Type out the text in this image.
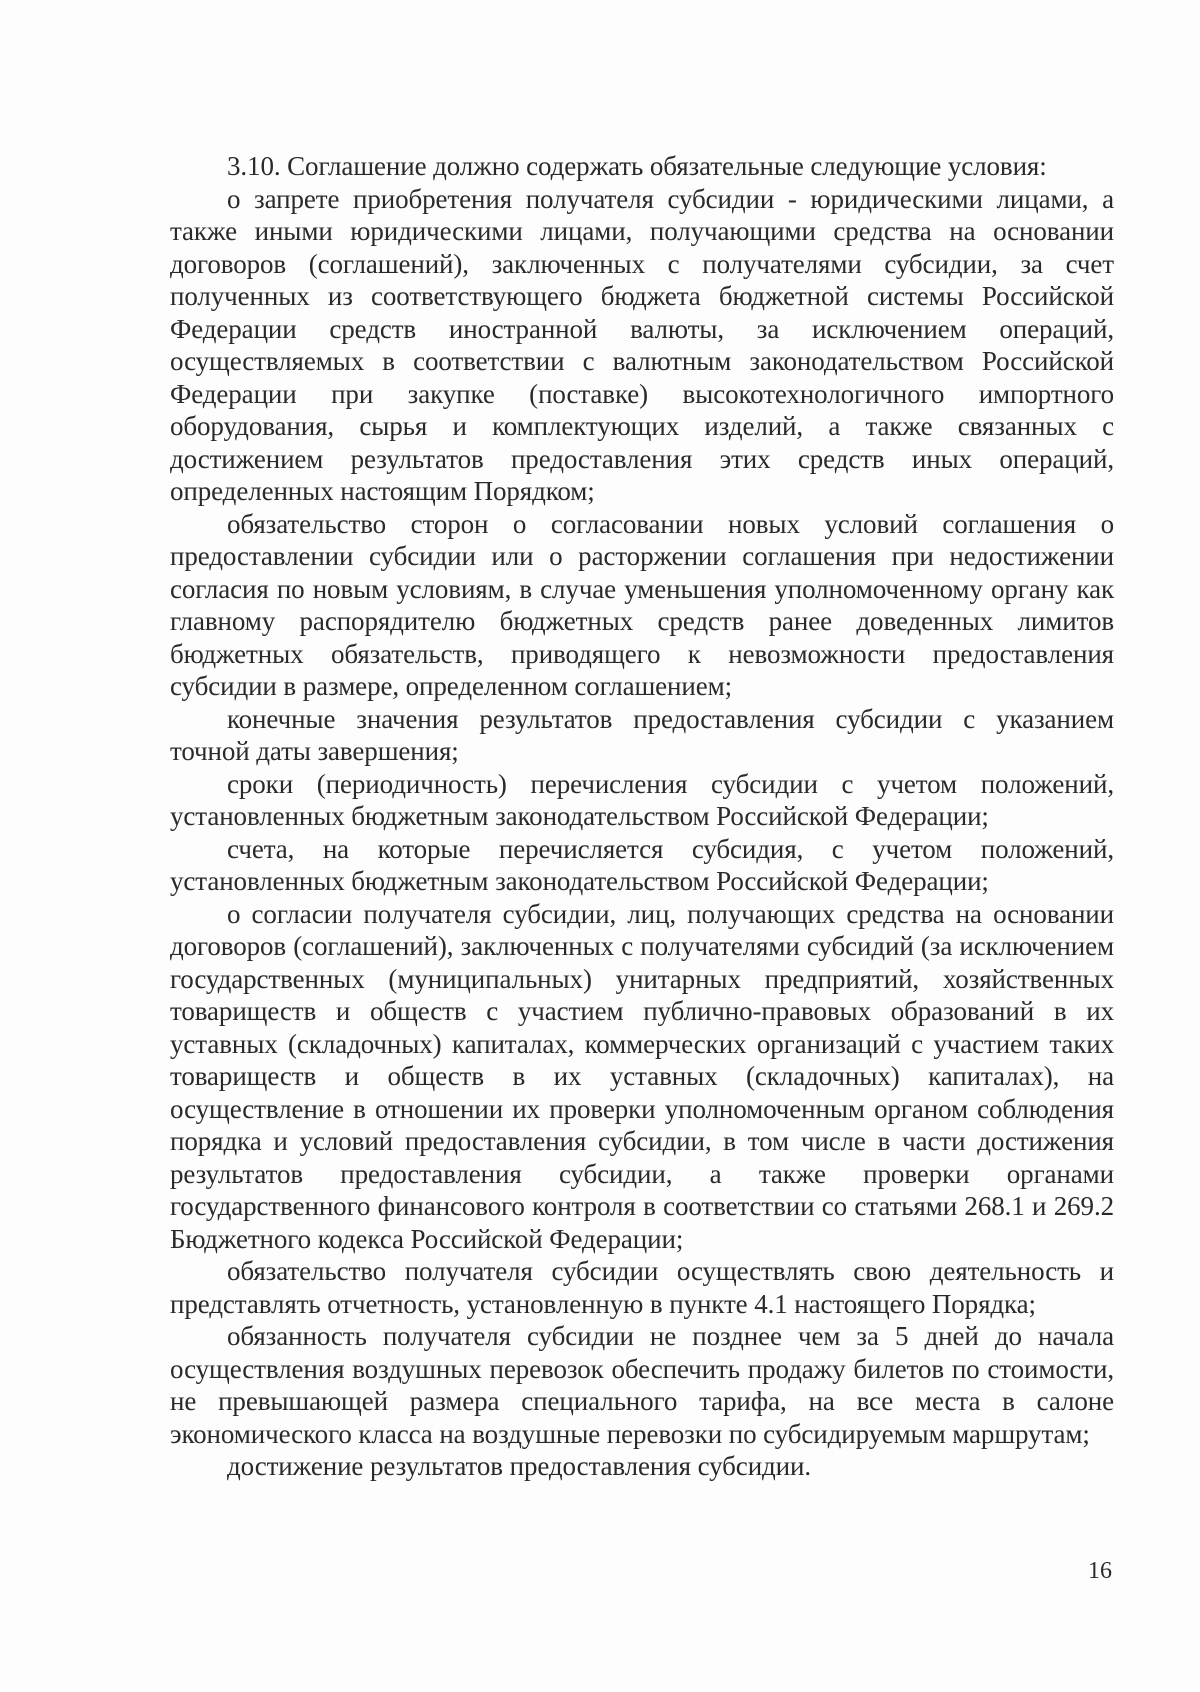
3.10. Соглашение должно содержать обязательные следующие условия:

о запрете приобретения получателя субсидии - юридическими лицами, а также иными юридическими лицами, получающими средства на основании договоров (соглашений), заключенных с получателями субсидии, за счет полученных из соответствующего бюджета бюджетной системы Российской Федерации средств иностранной валюты, за исключением операций, осуществляемых в соответствии с валютным законодательством Российской Федерации при закупке (поставке) высокотехнологичного импортного оборудования, сырья и комплектующих изделий, а также связанных с достижением результатов предоставления этих средств иных операций, определенных настоящим Порядком;

обязательство сторон о согласовании новых условий соглашения о предоставлении субсидии или о расторжении соглашения при недостижении согласия по новым условиям, в случае уменьшения уполномоченному органу как главному распорядителю бюджетных средств ранее доведенных лимитов бюджетных обязательств, приводящего к невозможности предоставления субсидии в размере, определенном соглашением;

конечные значения результатов предоставления субсидии с указанием точной даты завершения;

сроки (периодичность) перечисления субсидии с учетом положений, установленных бюджетным законодательством Российской Федерации;

счета, на которые перечисляется субсидия, с учетом положений, установленных бюджетным законодательством Российской Федерации;

о согласии получателя субсидии, лиц, получающих средства на основании договоров (соглашений), заключенных с получателями субсидий (за исключением государственных (муниципальных) унитарных предприятий, хозяйственных товариществ и обществ с участием публично-правовых образований в их уставных (складочных) капиталах, коммерческих организаций с участием таких товариществ и обществ в их уставных (складочных) капиталах), на осуществление в отношении их проверки уполномоченным органом соблюдения порядка и условий предоставления субсидии, в том числе в части достижения результатов предоставления субсидии, а также проверки органами государственного финансового контроля в соответствии со статьями 268.1 и 269.2 Бюджетного кодекса Российской Федерации;

обязательство получателя субсидии осуществлять свою деятельность и представлять отчетность, установленную в пункте 4.1 настоящего Порядка;

обязанность получателя субсидии не позднее чем за 5 дней до начала осуществления воздушных перевозок обеспечить продажу билетов по стоимости, не превышающей размера специального тарифа, на все места в салоне экономического класса на воздушные перевозки по субсидируемым маршрутам;

достижение результатов предоставления субсидии.

16
